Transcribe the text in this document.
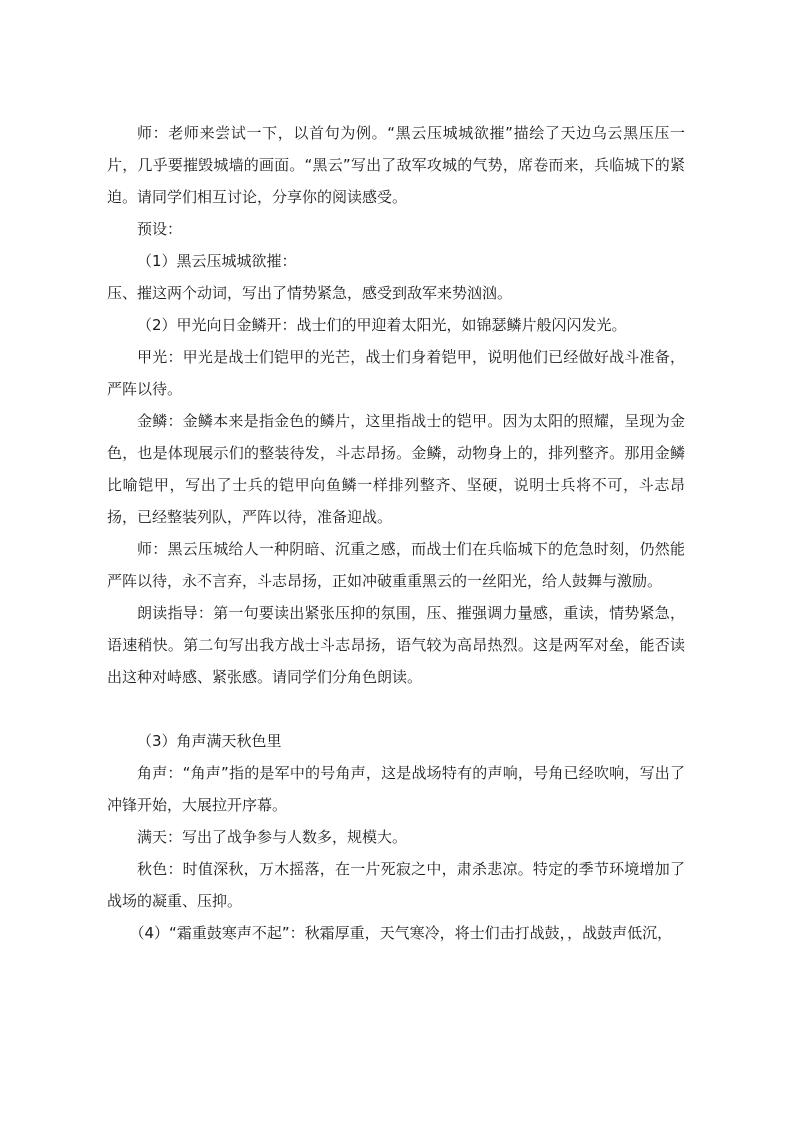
师：老师来尝试一下，以首句为例。“黑云压城城欲摧”描绘了天边乌云黑压压一片，几乎要摧毁城墙的画面。“黑云”写出了敌军攻城的气势，席卷而来，兵临城下的紧迫。请同学们相互讨论，分享你的阅读感受。

预设：

（1）黑云压城城欲摧：

压、摧这两个动词，写出了情势紧急，感受到敌军来势汹汹。

（2）甲光向日金鳞开：战士们的甲迎着太阳光，如锦瑟鳞片般闪闪发光。

甲光：甲光是战士们铠甲的光芒，战士们身着铠甲，说明他们已经做好战斗准备，严阵以待。

金鳞：金鳞本来是指金色的鳞片，这里指战士的铠甲。因为太阳的照耀，呈现为金色，也是体现展示们的整装待发，斗志昂扬。金鳞，动物身上的，排列整齐。那用金鳞比喻铠甲，写出了士兵的铠甲向鱼鳞一样排列整齐、坚硬，说明士兵将不可，斗志昂扬，已经整装列队，严阵以待，准备迎战。

师：黑云压城给人一种阴暗、沉重之感，而战士们在兵临城下的危急时刻，仍然能严阵以待，永不言弃，斗志昂扬，正如冲破重重黑云的一丝阳光，给人鼓舞与激励。

朗读指导：第一句要读出紧张压抑的氛围，压、摧强调力量感，重读，情势紧急，语速稍快。第二句写出我方战士斗志昂扬，语气较为高昂热烈。这是两军对垒，能否读出这种对峙感、紧张感。请同学们分角色朗读。

（3）角声满天秋色里

角声：“角声”指的是军中的号角声，这是战场特有的声响，号角已经吹响，写出了冲锋开始，大展拉开序幕。

满天：写出了战争参与人数多，规模大。

秋色：时值深秋，万木摇落，在一片死寂之中，肃杀悲凉。特定的季节环境增加了战场的凝重、压抑。

（4）“霜重鼓寒声不起”：秋霜厚重，天气寒冷，将士们击打战鼓，，战鼓声低沉，
